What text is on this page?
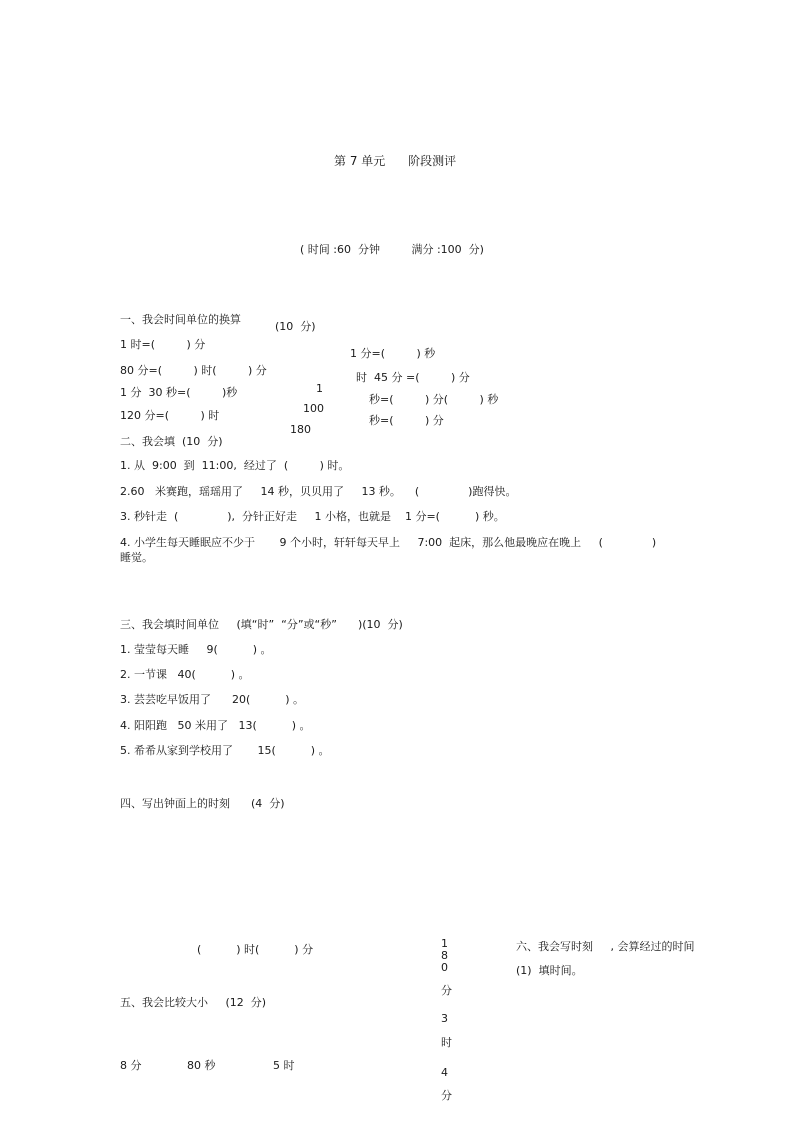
第 7 单元      阶段测评
( 时间 :60  分钟         满分 :100  分)
一、我会时间单位的换算
(10  分)
1 时=(         ) 分
80 分=(         ) 时(         ) 分
1 分  30 秒=(         )秒
120 分=(         ) 时
1
100
180
1 分=(         ) 秒
时  45 分 =(         ) 分
秒=(         ) 分(         ) 秒
秒=(         ) 分
二、我会填  (10  分)
1. 从  9:00  到  11:00,  经过了  (         ) 时。
2.60   米赛跑，瑶瑶用了     14 秒，贝贝用了     13 秒。    (              )跑得快。
3. 秒针走  (              ),  分针正好走     1 小格，也就是    1 分=(          ) 秒。
4. 小学生每天睡眠应不少于       9 个小时，轩轩每天早上     7:00  起床，那么他最晚应在晚上     (              )
睡觉。
三、我会填时间单位     (填“时”  “分”或“秒”      )(10  分)
1. 莹莹每天睡     9(          ) 。
2. 一节课   40(          ) 。
3. 芸芸吃早饭用了      20(          ) 。
4. 阳阳跑   50 米用了   13(          ) 。
5. 希希从家到学校用了       15(          ) 。
四、写出钟面上的时刻      (4  分)
(          ) 时(          ) 分
五、我会比较大小     (12  分)
8 分	80 秒	5 时
1
8
0
分
3
时
4
分
六、我会写时刻     , 会算经过的时间
(1)  填时间。
